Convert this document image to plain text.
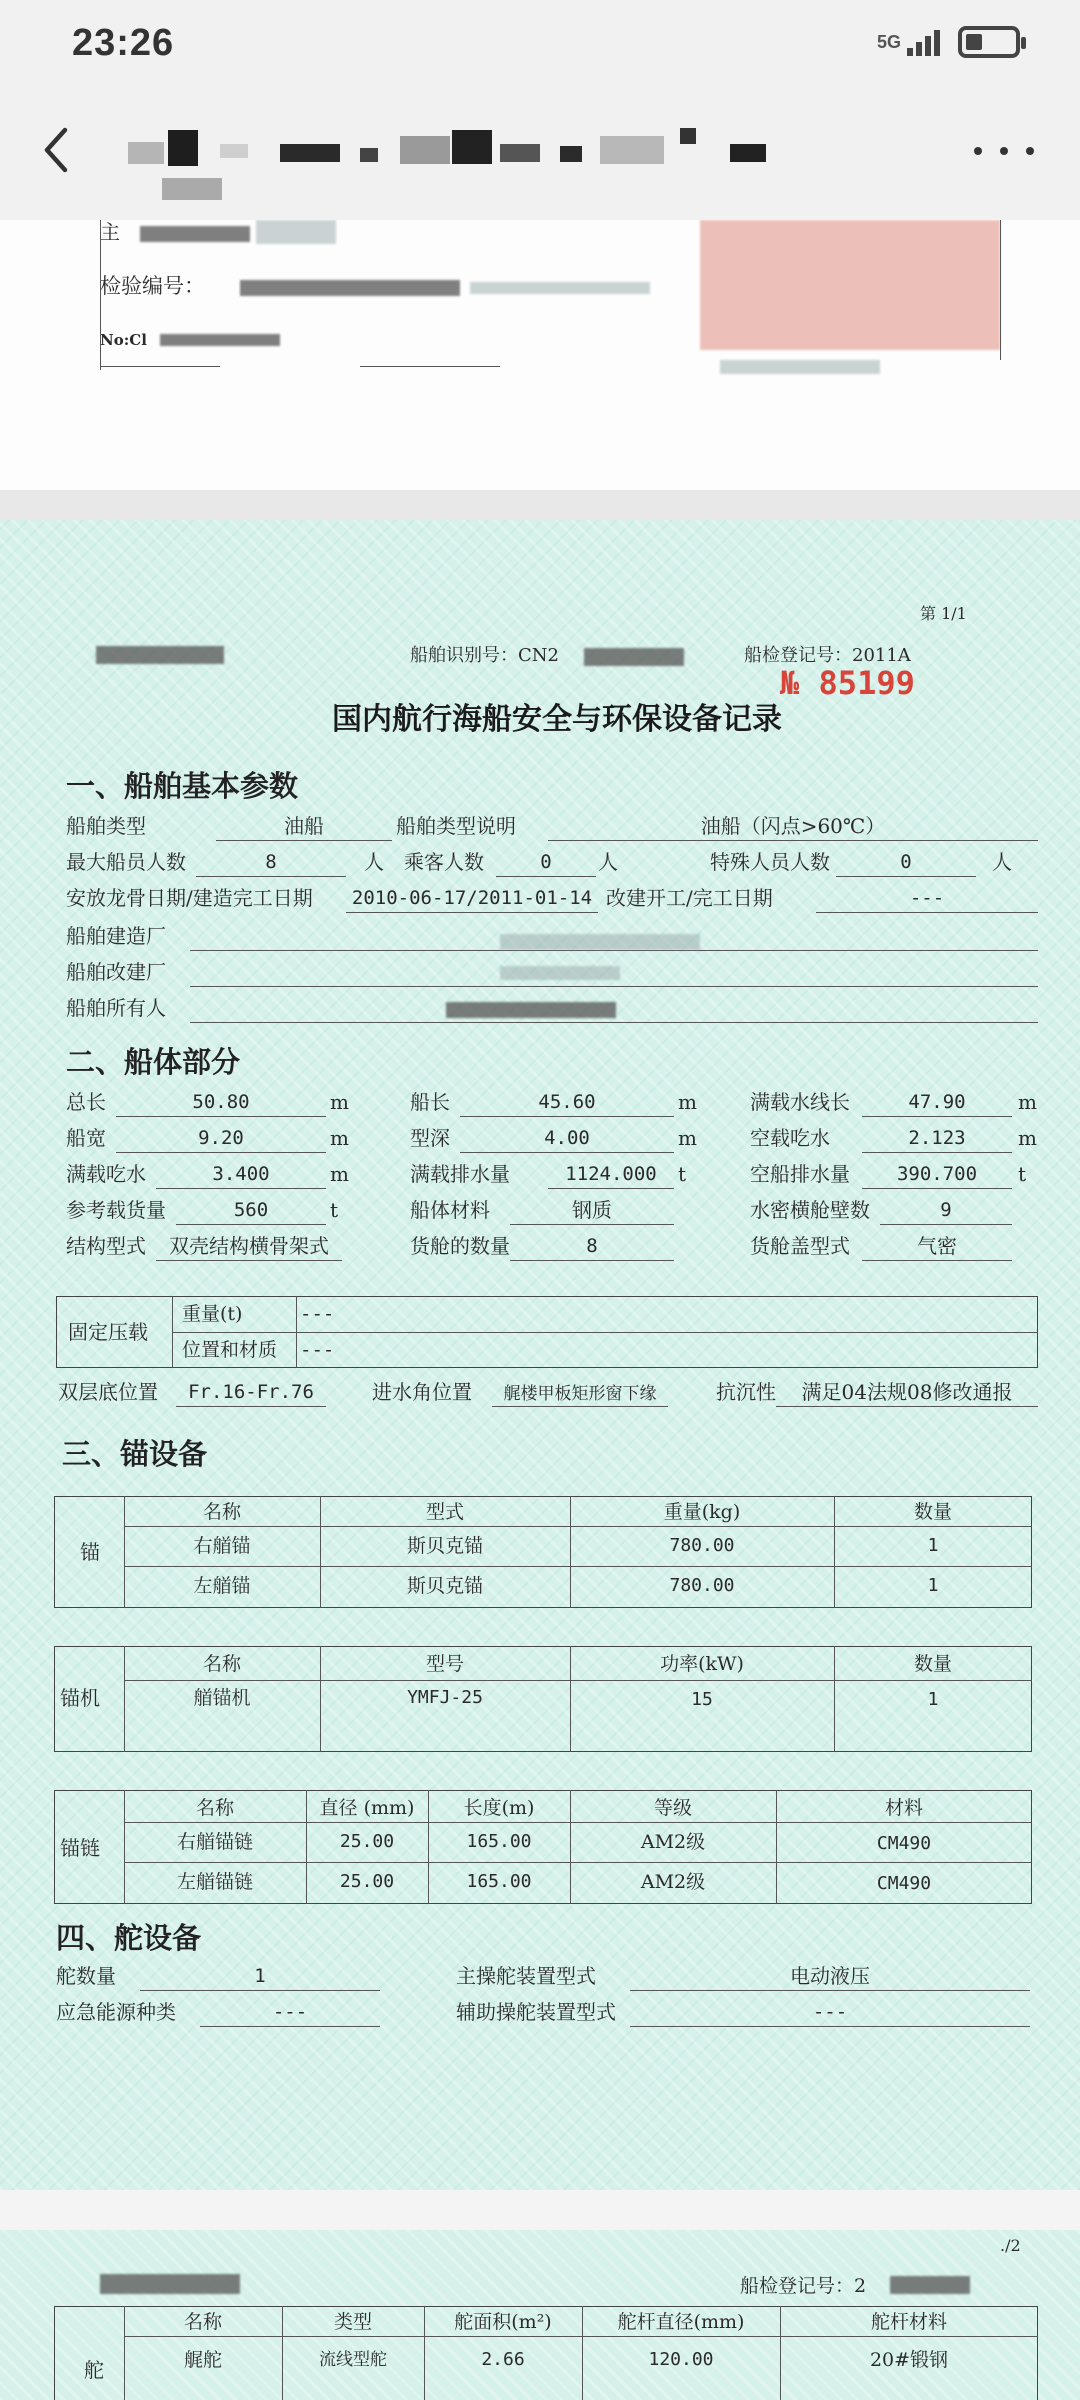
23:26	5G
主
检验编号：
No:Cl
第 1/1
船舶识别号：CN2	船检登记号：2011A
№ 85199
国内航行海船安全与环保设备记录
一、船舶基本参数
船舶类型	油船	船舶类型说明	油船（闪点>60℃）
最大船员人数	8	人 乘客人数	0	人	特殊人员人数	0	人
安放龙骨日期/建造完工日期	2010-06-17/2011-01-14 改建开工/完工日期	---
船舶建造厂
船舶改建厂
船舶所有人
二、船体部分
总长	50.80	m	船长	45.60	m	满载水线长	47.90	m
船宽	9.20	m	型深	4.00	m	空载吃水	2.123	m
满载吃水	3.400	m	满载排水量	1124.000	t	空船排水量	390.700	t
参考载货量	560	t	船体材料	钢质	水密横舱壁数	9
结构型式	双壳结构横骨架式	货舱的数量	8	货舱盖型式	气密
固定压载
重量(t)	---
位置和材质 ---
双层底位置	Fr.16-Fr.76	进水角位置	艉楼甲板矩形窗下缘	抗沉性	满足04法规08修改通报
三、锚设备
锚
名称	型式	重量(kg)	数量
右艏锚	斯贝克锚	780.00	1
左艏锚	斯贝克锚	780.00	1
锚机
名称	型号	功率(kW)	数量
艏锚机	YMFJ-25	15	1
锚链
名称	直径 (mm)	长度(m)	等级	材料
右艏锚链	25.00	165.00	AM2级	CM490
左艏锚链	25.00	165.00	AM2级	CM490
四、舵设备
舵数量	1	主操舵装置型式	电动液压
应急能源种类	---	辅助操舵装置型式	---
./2
船检登记号：2
舵
名称	类型	舵面积(m²)	舵杆直径(mm)	舵杆材料
艉舵	流线型舵	2.66	120.00	20#锻钢
